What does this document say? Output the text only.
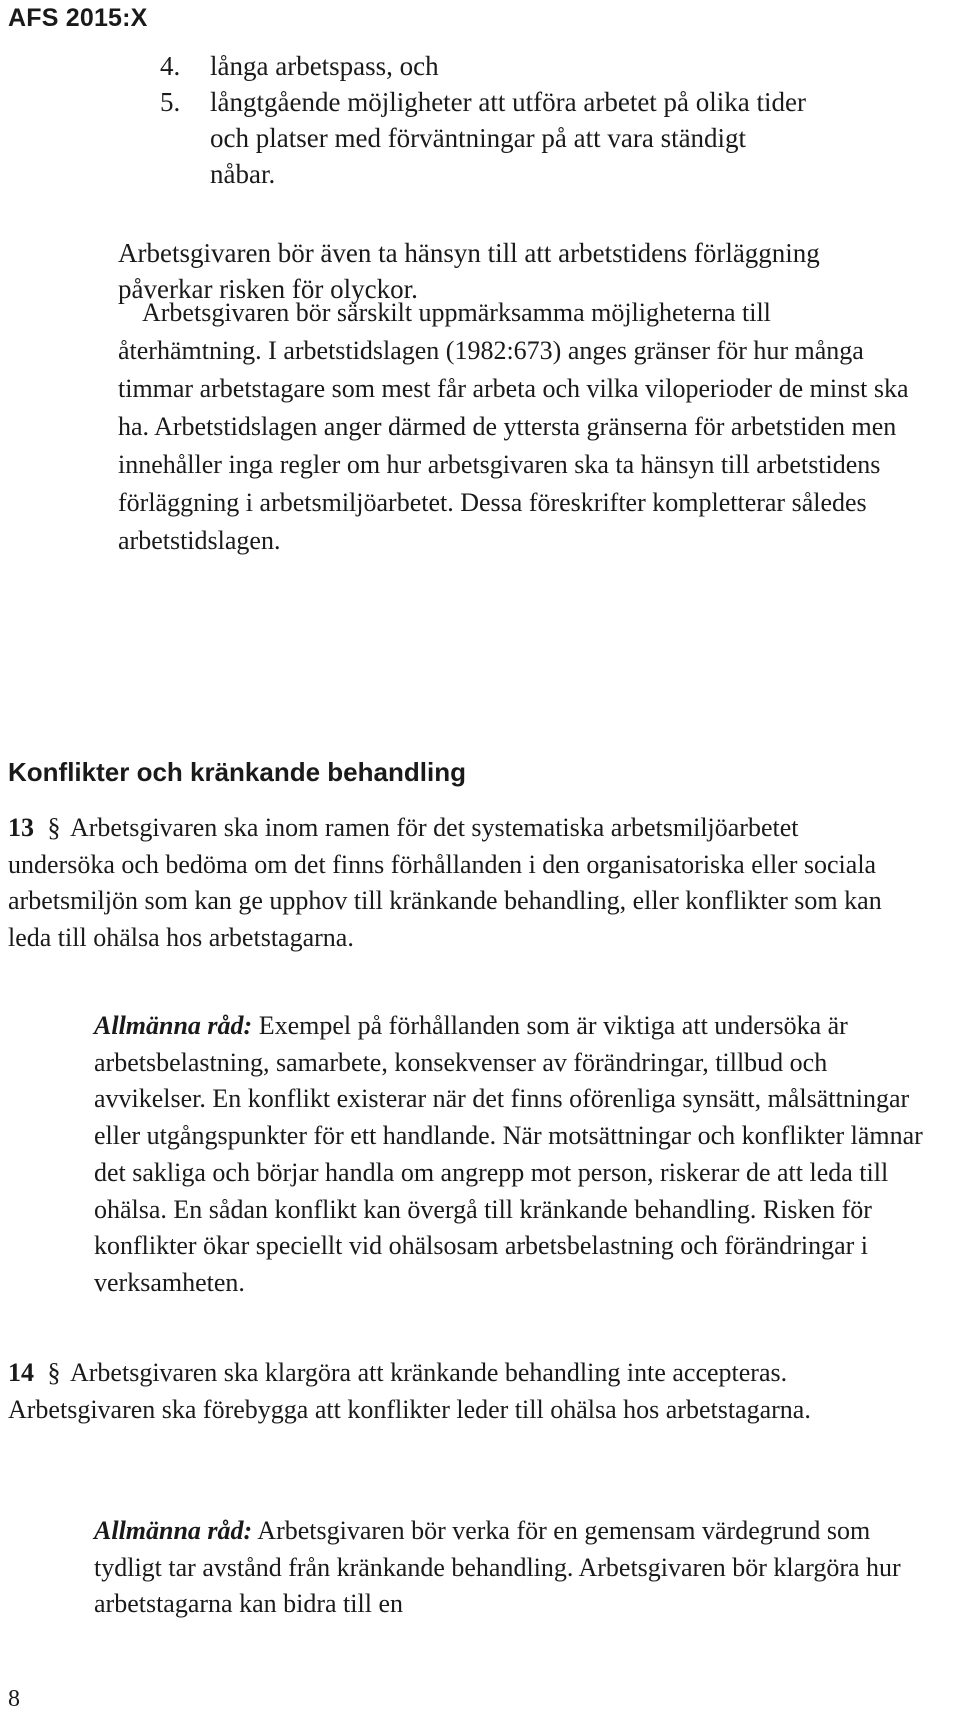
AFS 2015:X
4. långa arbetspass, och
5. långtgående möjligheter att utföra arbetet på olika tider och platser med förväntningar på att vara ständigt nåbar.
Arbetsgivaren bör även ta hänsyn till att arbetstidens förläggning påverkar risken för olyckor.
Arbetsgivaren bör särskilt uppmärksamma möjligheterna till
återhämtning. I arbetstidslagen (1982:673) anges gränser för hur många timmar arbetstagare som mest får arbeta och vilka viloperioder de minst ska ha. Arbetstidslagen anger därmed de yttersta gränserna för arbetstiden men innehåller inga regler om hur arbetsgivaren ska ta hänsyn till arbetstidens förläggning i arbetsmiljöarbetet. Dessa föreskrifter kompletterar således arbetstidslagen.
Konflikter och kränkande behandling
13 § Arbetsgivaren ska inom ramen för det systematiska arbetsmiljöarbetet undersöka och bedöma om det finns förhållanden i den organisatoriska eller sociala arbetsmiljön som kan ge upphov till kränkande behandling, eller konflikter som kan leda till ohälsa hos arbetstagarna.
Allmänna råd: Exempel på förhållanden som är viktiga att undersöka är arbetsbelastning, samarbete, konsekvenser av förändringar, tillbud och avvikelser. En konflikt existerar när det finns oförenliga synsätt, målsättningar eller utgångspunkter för ett handlande. När motsättningar och konflikter lämnar det sakliga och börjar handla om angrepp mot person, riskerar de att leda till ohälsa. En sådan konflikt kan övergå till kränkande behandling. Risken för konflikter ökar speciellt vid ohälsosam arbetsbelastning och förändringar i verksamheten.
14 § Arbetsgivaren ska klargöra att kränkande behandling inte accepteras. Arbetsgivaren ska förebygga att konflikter leder till ohälsa hos arbetstagarna.
Allmänna råd: Arbetsgivaren bör verka för en gemensam värdegrund som tydligt tar avstånd från kränkande behandling. Arbetsgivaren bör klargöra hur arbetstagarna kan bidra till en
8
